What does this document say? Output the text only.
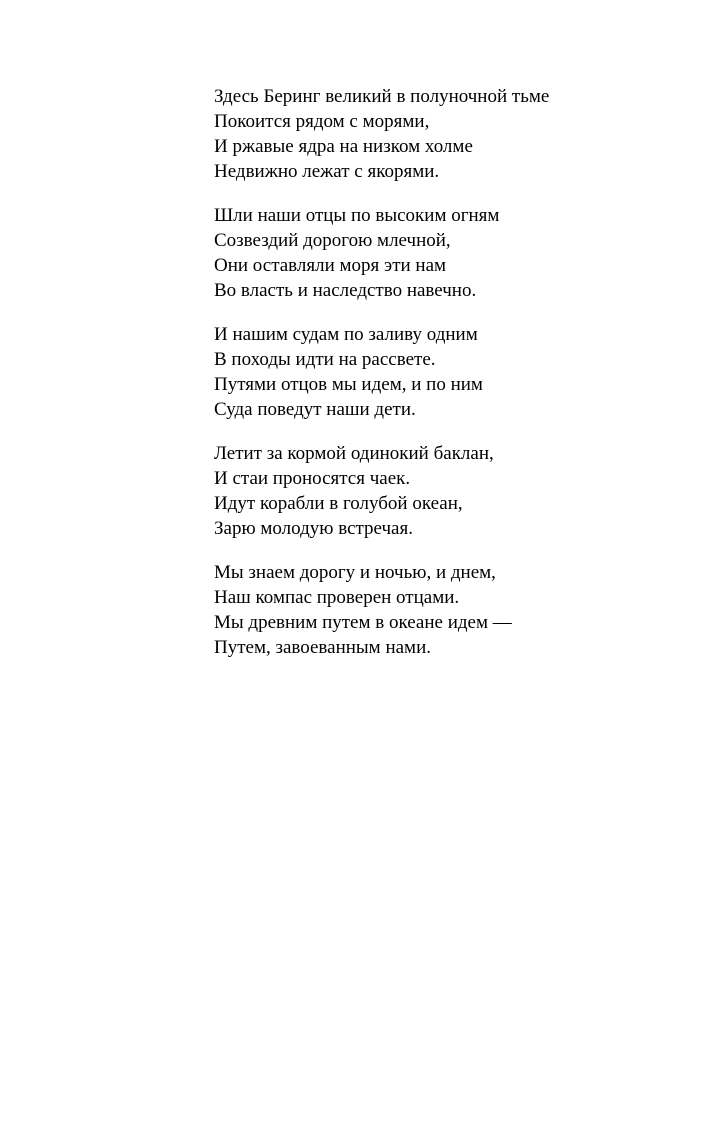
Здесь Беринг великий в полуночной тьме
Покоится рядом с морями,
И ржавые ядра на низком холме
Недвижно лежат с якорями.
Шли наши отцы по высоким огням
Созвездий дорогою млечной,
Они оставляли моря эти нам
Во власть и наследство навечно.
И нашим судам по заливу одним
В походы идти на рассвете.
Путями отцов мы идем, и по ним
Суда поведут наши дети.
Летит за кормой одинокий баклан,
И стаи проносятся чаек.
Идут корабли в голубой океан,
Зарю молодую встречая.
Мы знаем дорогу и ночью, и днем,
Наш компас проверен отцами.
Мы древним путем в океане идем —
Путем, завоеванным нами.
